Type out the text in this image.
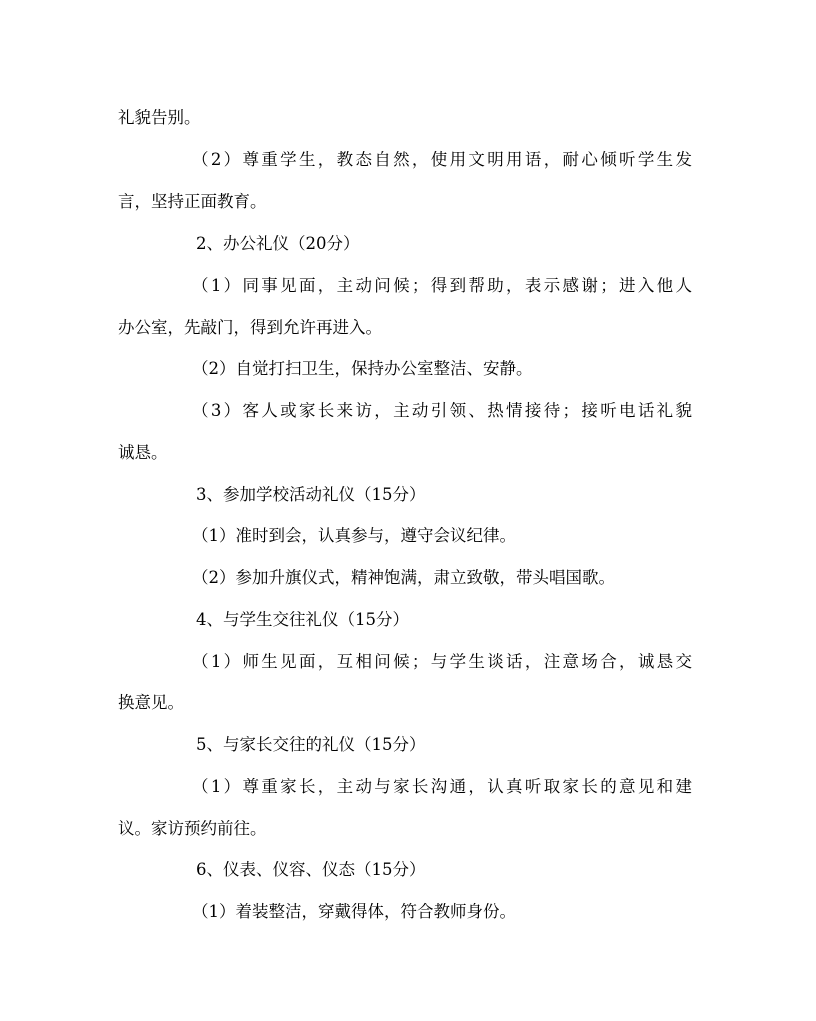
礼貌告别。
（2）尊重学生，教态自然，使用文明用语，耐心倾听学生发
言，坚持正面教育。
2、办公礼仪（20分）
（1）同事见面，主动问候；得到帮助，表示感谢；进入他人
办公室，先敲门，得到允许再进入。
（2）自觉打扫卫生，保持办公室整洁、安静。
（3）客人或家长来访，主动引领、热情接待；接听电话礼貌
诚恳。
3、参加学校活动礼仪（15分）
（1）准时到会，认真参与，遵守会议纪律。
（2）参加升旗仪式，精神饱满，肃立致敬，带头唱国歌。
4、与学生交往礼仪（15分）
（1）师生见面，互相问候；与学生谈话，注意场合，诚恳交
换意见。
5、与家长交往的礼仪（15分）
（1）尊重家长，主动与家长沟通，认真听取家长的意见和建
议。家访预约前往。
6、仪表、仪容、仪态（15分）
（1）着装整洁，穿戴得体，符合教师身份。
